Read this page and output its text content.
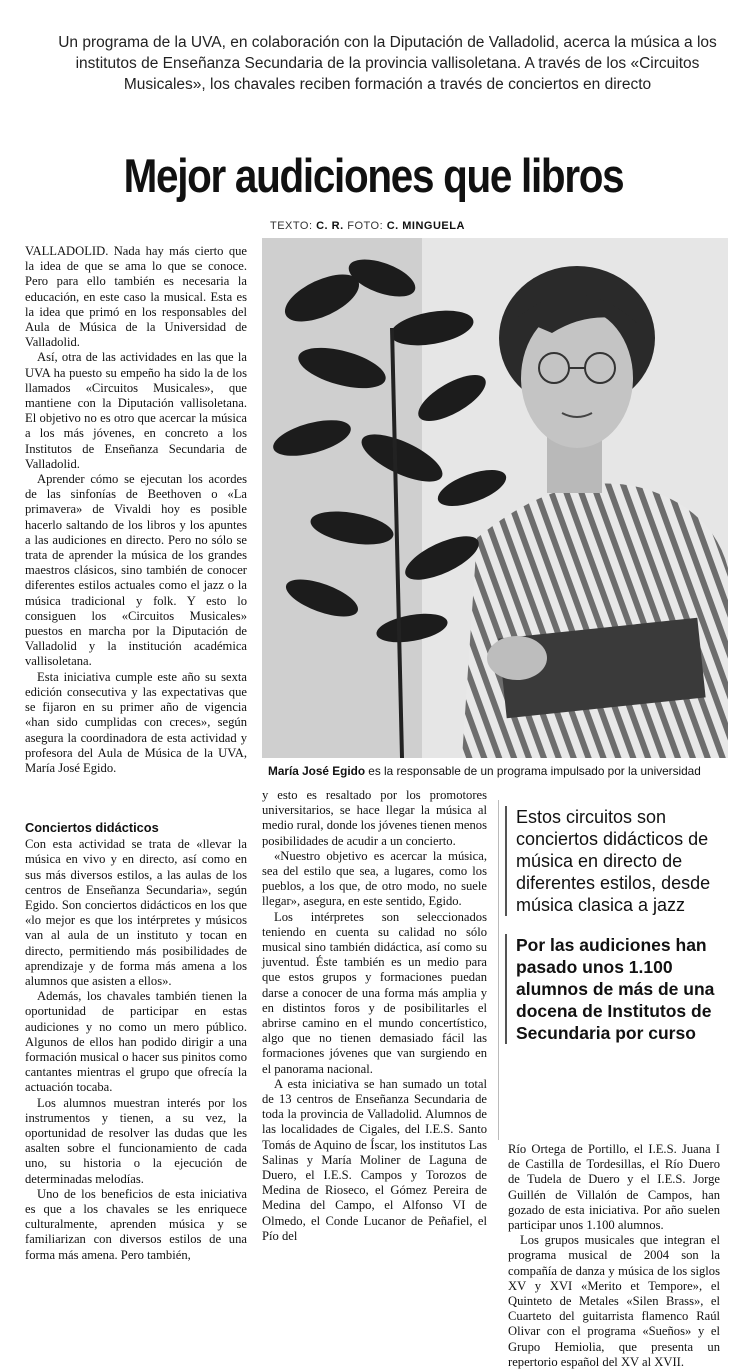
Un programa de la UVA, en colaboración con la Diputación de Valladolid, acerca la música a los institutos de Enseñanza Secundaria de la provincia vallisoletana. A través de los «Circuitos Musicales», los chavales reciben formación a través de conciertos en directo
Mejor audiciones que libros
TEXTO: C. R. FOTO: C. MINGUELA

VALLADOLID. Nada hay más cierto que la idea de que se ama lo que se conoce. Pero para ello también es necesaria la educación, en este caso la musical. Esta es la idea que primó en los responsables del Aula de Música de la Universidad de Valladolid.

Así, otra de las actividades en las que la UVA ha puesto su empeño ha sido la de los llamados «Circuitos Musicales», que mantiene con la Diputación vallisoletana. El objetivo no es otro que acercar la música a los más jóvenes, en concreto a los Institutos de Enseñanza Secundaria de Valladolid.

Aprender cómo se ejecutan los acordes de las sinfonías de Beethoven o «La primavera» de Vivaldi hoy es posible hacerlo saltando de los libros y los apuntes a las audiciones en directo. Pero no sólo se trata de aprender la música de los grandes maestros clásicos, sino también de conocer diferentes estilos actuales como el jazz o la música tradicional y folk. Y esto lo consiguen los «Circuitos Musicales» puestos en marcha por la Diputación de Valladolid y la institución académica vallisoletana.

Esta iniciativa cumple este año su sexta edición consecutiva y las expectativas que se fijaron en su primer año de vigencia «han sido cumplidas con creces», según asegura la coordinadora de esta actividad y profesora del Aula de Música de la UVA, María José Egido.

Conciertos didácticos

Con esta actividad se trata de «llevar la música en vivo y en directo, así como en sus más diversos estilos, a las aulas de los centros de Enseñanza Secundaria», según Egido. Son conciertos didácticos en los que «lo mejor es que los intérpretes y músicos van al aula de un instituto y tocan en directo, permitiendo más posibilidades de aprendizaje y de forma más amena a los alumnos que asisten a ellos».

Además, los chavales también tienen la oportunidad de participar en estas audiciones y no como un mero público. Algunos de ellos han podido dirigir a una formación musical o hacer sus pinitos como cantantes mientras el grupo que ofrecía la actuación tocaba.

Los alumnos muestran interés por los instrumentos y tienen, a su vez, la oportunidad de resolver las dudas que les asalten sobre el funcionamiento de cada uno, su historia o la ejecución de determinadas melodías.

Uno de los beneficios de esta iniciativa es que a los chavales se les enriquece culturalmente, aprenden música y se familiarizan con diversos estilos de una forma más amena. Pero también,

María José Egido es la responsable de un programa impulsado por la universidad

y esto es resaltado por los promotores universitarios, se hace llegar la música al medio rural, donde los jóvenes tienen menos posibilidades de acudir a un concierto.

«Nuestro objetivo es acercar la música, sea del estilo que sea, a lugares, como los pueblos, a los que, de otro modo, no suele llegar», asegura, en este sentido, Egido.

Los intérpretes son seleccionados teniendo en cuenta su calidad no sólo musical sino también didáctica, así como su juventud. Éste también es un medio para que estos grupos y formaciones puedan darse a conocer de una forma más amplia y en distintos foros y de posibilitarles el abrirse camino en el mundo concertístico, algo que no tienen demasiado fácil las formaciones jóvenes que van surgiendo en el panorama nacional.

A esta iniciativa se han sumado un total de 13 centros de Enseñanza Secundaria de toda la provincia de Valladolid. Alumnos de las localidades de Cigales, del I.E.S. Santo Tomás de Aquino de Íscar, los institutos Las Salinas y María Moliner de Laguna de Duero, el I.E.S. Campos y Torozos de Medina de Rioseco, el Gómez Pereira de Medina del Campo, el Alfonso VI de Olmedo, el Conde Lucanor de Peñafiel, el Pío del

Estos circuitos son conciertos didácticos de música en directo de diferentes estilos, desde música clasica a jazz
Por las audiciones han pasado unos 1.100 alumnos de más de una docena de Institutos de Secundaria por curso

Río Ortega de Portillo, el I.E.S. Juana I de Castilla de Tordesillas, el Río Duero de Tudela de Duero y el I.E.S. Jorge Guillén de Villalón de Campos, han gozado de esta iniciativa. Por año suelen participar unos 1.100 alumnos.

Los grupos musicales que integran el programa musical de 2004 son la compañía de danza y música de los siglos XV y XVI «Merito et Tempore», el Quinteto de Metales «Silen Brass», el Cuarteto del guitarrista flamenco Raúl Olivar con el programa «Sueños» y el Grupo Hemiolia, que presenta un repertorio español del XV al XVII.
